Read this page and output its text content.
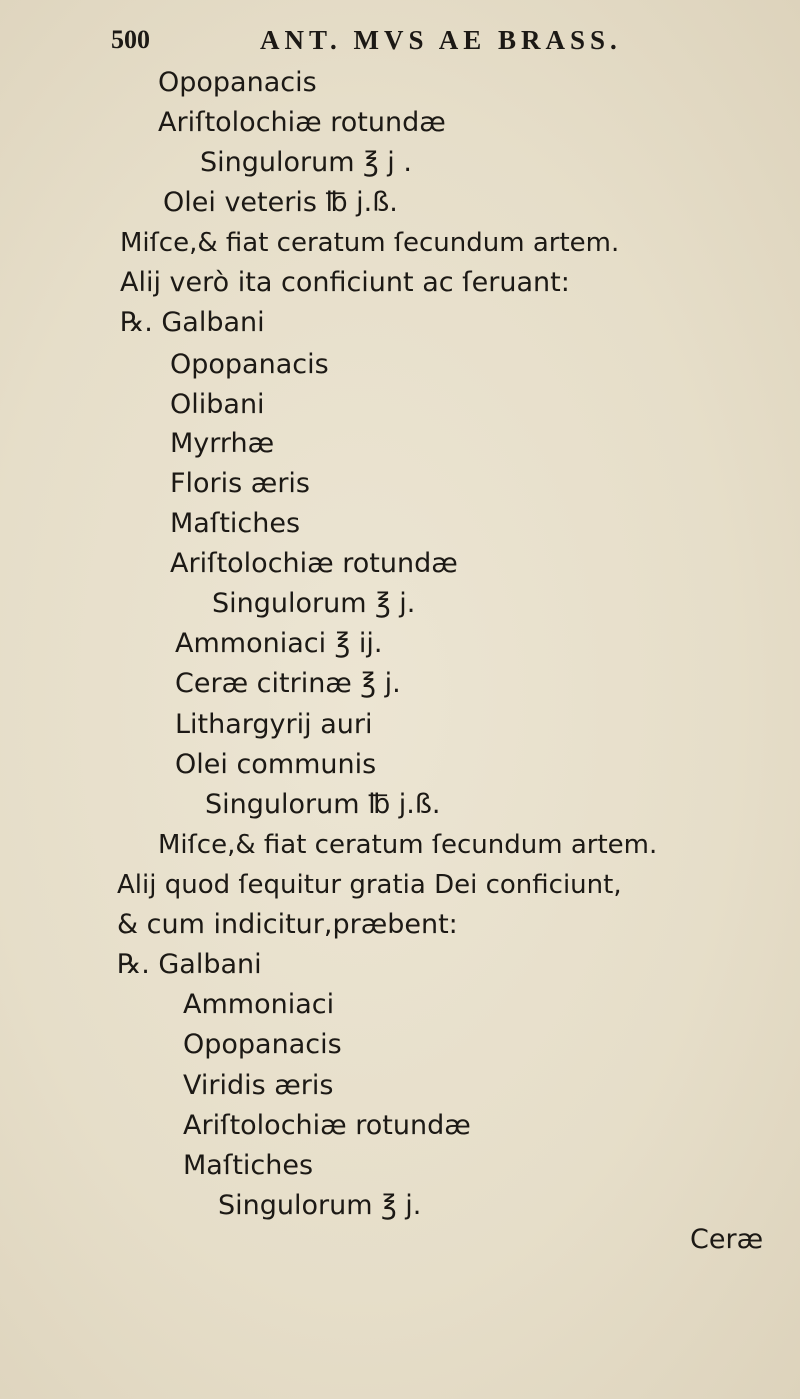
500	ANT. MVS AE BRASS.
Opopanacis
Ariſtolochiæ rotundæ
Singulorum ℥ j .
Olei veteris ℔ j.ß.
Miſce,& fiat ceratum ſecundum artem.
Alij verò ita conficiunt ac ſeruant:
℞. Galbani
Opopanacis
Olibani
Myrrhæ
Floris æris
Maſtiches
Ariſtolochiæ rotundæ
Singulorum ℥ j.
Ammoniaci ℥ ij.
Ceræ citrinæ ℥ j.
Lithargyrij auri
Olei communis
Singulorum ℔ j.ß.
Miſce,& fiat ceratum ſecundum artem.
Alij quod ſequitur gratia Dei conficiunt,
& cum indicitur,præbent:
℞. Galbani
Ammoniaci
Opopanacis
Viridis æris
Ariſtolochiæ rotundæ
Maſtiches
Singulorum ℥ j.
Ceræ
